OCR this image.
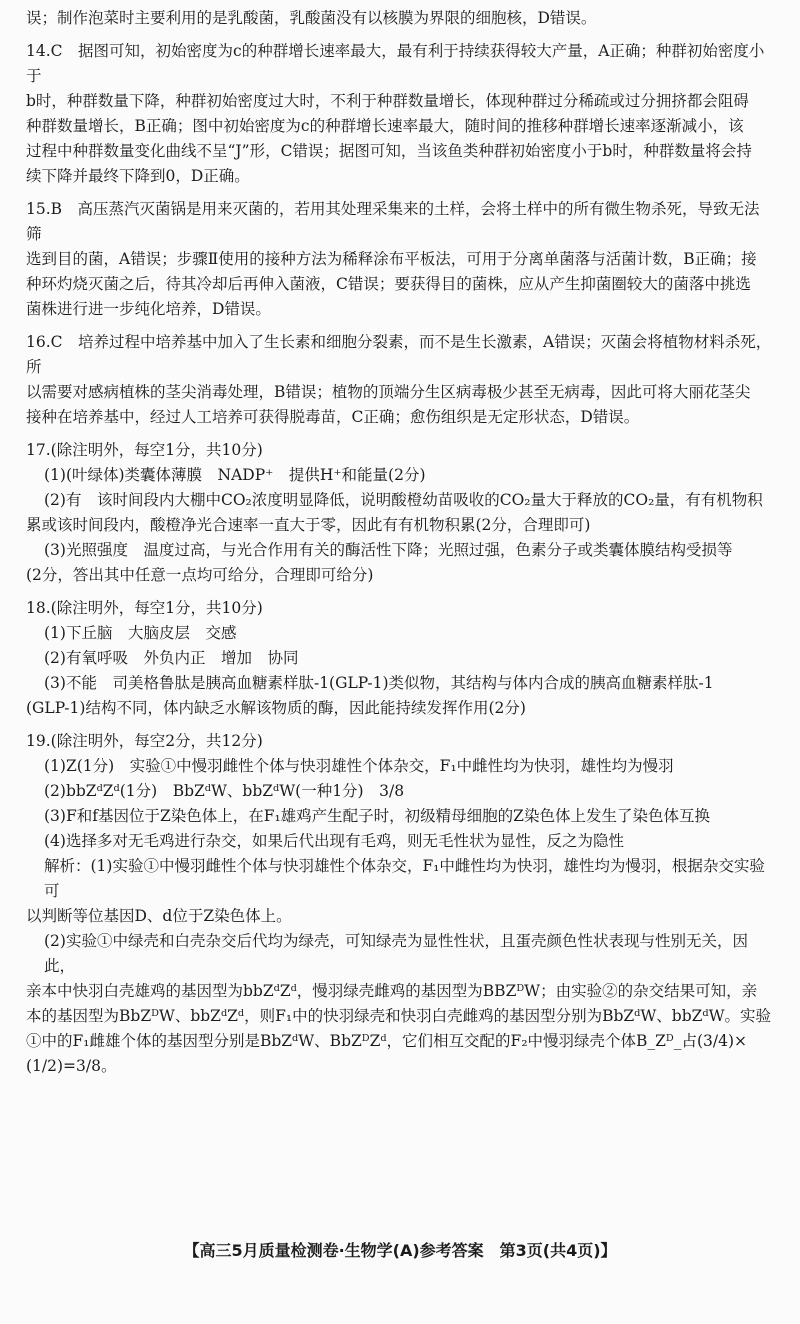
误；制作泡菜时主要利用的是乳酸菌，乳酸菌没有以核膜为界限的细胞核，D错误。

14.C　据图可知，初始密度为c的种群增长速率最大，最有利于持续获得较大产量，A正确；种群初始密度小于
b时，种群数量下降，种群初始密度过大时，不利于种群数量增长，体现种群过分稀疏或过分拥挤都会阻碍
种群数量增长，B正确；图中初始密度为c的种群增长速率最大，随时间的推移种群增长速率逐渐减小，该
过程中种群数量变化曲线不呈“J”形，C错误；据图可知，当该鱼类种群初始密度小于b时，种群数量将会持
续下降并最终下降到0，D正确。
15.B　高压蒸汽灭菌锅是用来灭菌的，若用其处理采集来的土样，会将土样中的所有微生物杀死，导致无法筛
选到目的菌，A错误；步骤Ⅱ使用的接种方法为稀释涂布平板法，可用于分离单菌落与活菌计数，B正确；接
种环灼烧灭菌之后，待其冷却后再伸入菌液，C错误；要获得目的菌株，应从产生抑菌圈较大的菌落中挑选
菌株进行进一步纯化培养，D错误。
16.C　培养过程中培养基中加入了生长素和细胞分裂素，而不是生长激素，A错误；灭菌会将植物材料杀死，所
以需要对感病植株的茎尖消毒处理，B错误；植物的顶端分生区病毒极少甚至无病毒，因此可将大丽花茎尖
接种在培养基中，经过人工培养可获得脱毒苗，C正确；愈伤组织是无定形状态，D错误。
17.(除注明外，每空1分，共10分)
(1)(叶绿体)类囊体薄膜　NADP⁺　提供H⁺和能量(2分)
(2)有　该时间段内大棚中CO₂浓度明显降低，说明酸橙幼苗吸收的CO₂量大于释放的CO₂量，有有机物积
累或该时间段内，酸橙净光合速率一直大于零，因此有有机物积累(2分，合理即可)
(3)光照强度　温度过高，与光合作用有关的酶活性下降；光照过强，色素分子或类囊体膜结构受损等
(2分，答出其中任意一点均可给分，合理即可给分)
18.(除注明外，每空1分，共10分)
(1)下丘脑　大脑皮层　交感
(2)有氧呼吸　外负内正　增加　协同
(3)不能　司美格鲁肽是胰高血糖素样肽-1(GLP-1)类似物，其结构与体内合成的胰高血糖素样肽-1
(GLP-1)结构不同，体内缺乏水解该物质的酶，因此能持续发挥作用(2分)
19.(除注明外，每空2分，共12分)
(1)Z(1分)　实验①中慢羽雌性个体与快羽雄性个体杂交，F₁中雌性均为快羽，雄性均为慢羽
(2)bbZᵈZᵈ(1分)　BbZᵈW、bbZᵈW(一种1分)　3/8
(3)F和f基因位于Z染色体上，在F₁雄鸡产生配子时，初级精母细胞的Z染色体上发生了染色体互换
(4)选择多对无毛鸡进行杂交，如果后代出现有毛鸡，则无毛性状为显性，反之为隐性
解析：(1)实验①中慢羽雌性个体与快羽雄性个体杂交，F₁中雌性均为快羽，雄性均为慢羽，根据杂交实验可
以判断等位基因D、d位于Z染色体上。
(2)实验①中绿壳和白壳杂交后代均为绿壳，可知绿壳为显性性状，且蛋壳颜色性状表现与性别无关，因此，
亲本中快羽白壳雄鸡的基因型为bbZᵈZᵈ，慢羽绿壳雌鸡的基因型为BBZᴰW；由实验②的杂交结果可知，亲
本的基因型为BbZᴰW、bbZᵈZᵈ，则F₁中的快羽绿壳和快羽白壳雌鸡的基因型分别为BbZᵈW、bbZᵈW。实验
①中的F₁雌雄个体的基因型分别是BbZᵈW、BbZᴰZᵈ，它们相互交配的F₂中慢羽绿壳个体B_Zᴰ_占(3/4)×
(1/2)=3/8。
【高三5月质量检测卷·生物学(A)参考答案　第3页(共4页)】
